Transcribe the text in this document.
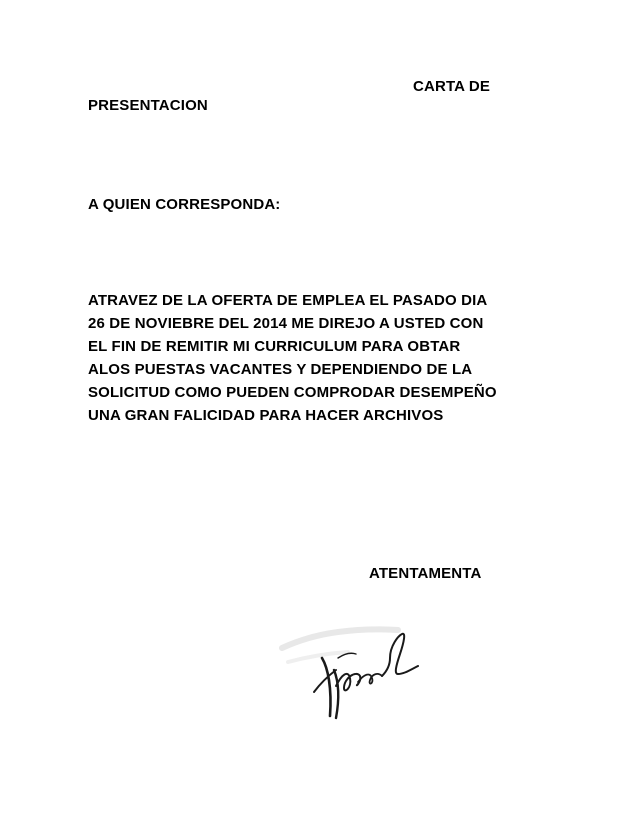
CARTA DE

PRESENTACION

A QUIEN CORRESPONDA:

ATRAVEZ DE LA OFERTA DE EMPLEA EL PASADO DIA

26 DE NOVIEBRE DEL 2014 ME DIREJO A USTED CON

EL FIN DE REMITIR MI CURRICULUM PARA OBTAR

ALOS PUESTAS VACANTES Y DEPENDIENDO DE LA

SOLICITUD COMO PUEDEN COMPRODAR DESEMPEÑO

UNA GRAN FALICIDAD PARA HACER ARCHIVOS

ATENTAMENTA
